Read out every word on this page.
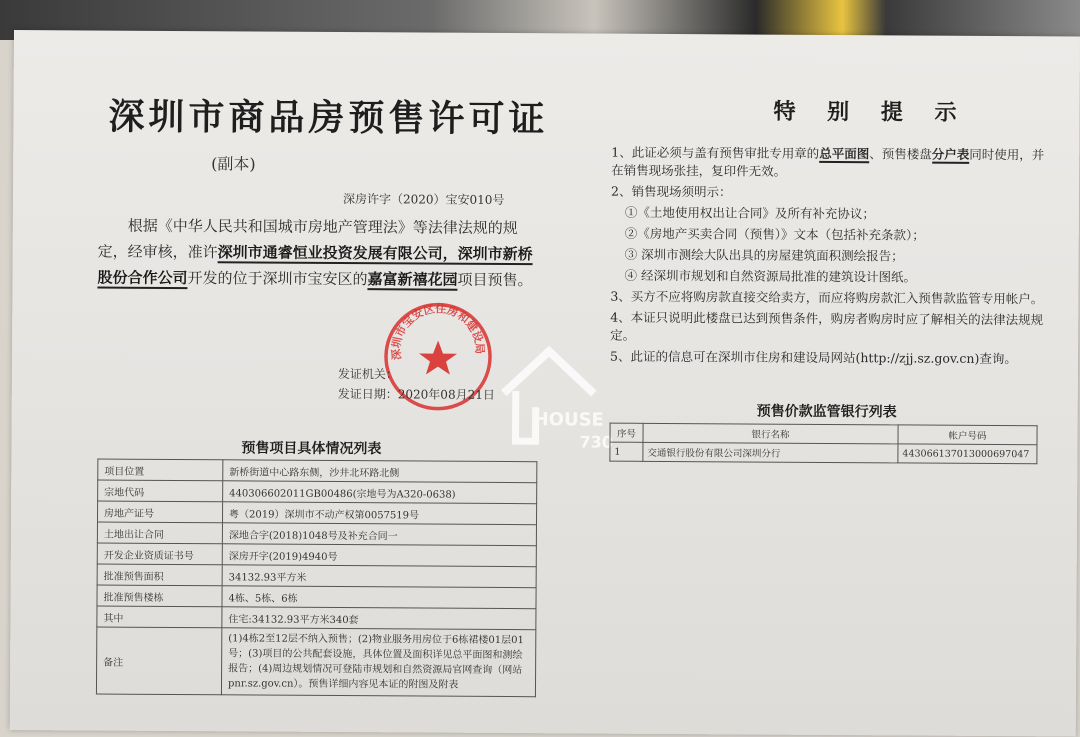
深圳市商品房预售许可证
(副本)
深房许字（2020）宝安010号
根据《中华人民共和国城市房地产管理法》等法律法规的规定，经审核，准许深圳市通睿恒业投资发展有限公司，深圳市新桥股份合作公司开发的位于深圳市宝安区的嘉富新禧花园项目预售。
深圳市宝安区住房和建设局
发证机关：
发证日期：2020年08月21日
HOUSE
730
特 别 提 示
1、此证必须与盖有预售审批专用章的总平面图、预售楼盘分户表同时使用，并在销售现场张挂，复印件无效。
2、销售现场须明示：
①《土地使用权出让合同》及所有补充协议；
②《房地产买卖合同（预售）》文本（包括补充条款）；
③ 深圳市测绘大队出具的房屋建筑面积测绘报告；
④ 经深圳市规划和自然资源局批准的建筑设计图纸。
3、买方不应将购房款直接交给卖方，而应将购房款汇入预售款监管专用帐户。
4、本证只说明此楼盘已达到预售条件，购房者购房时应了解相关的法律法规规定。
5、此证的信息可在深圳市住房和建设局网站(http://zjj.sz.gov.cn)查询。
预售价款监管银行列表
序号	银行名称	帐户号码
1	交通银行股份有限公司深圳分行	443066137013000697047
预售项目具体情况列表
项目位置	新桥街道中心路东侧，沙井北环路北侧
宗地代码	440306602011GB00486(宗地号为A320-0638)
房地产证号	粤（2019）深圳市不动产权第0057519号
土地出让合同	深地合字(2018)1048号及补充合同一
开发企业资质证书号	深房开字(2019)4940号
批准预售面积	34132.93平方米
批准预售楼栋	4栋、5栋、6栋
其中	住宅:34132.93平方米340套
备注	(1)4栋2至12层不纳入预售；(2)物业服务用房位于6栋裙楼01层01号；(3)项目的公共配套设施，具体位置及面积详见总平面图和测绘报告；(4)周边规划情况可登陆市规划和自然资源局官网查询（网站pnr.sz.gov.cn）。预售详细内容见本证的附图及附表
